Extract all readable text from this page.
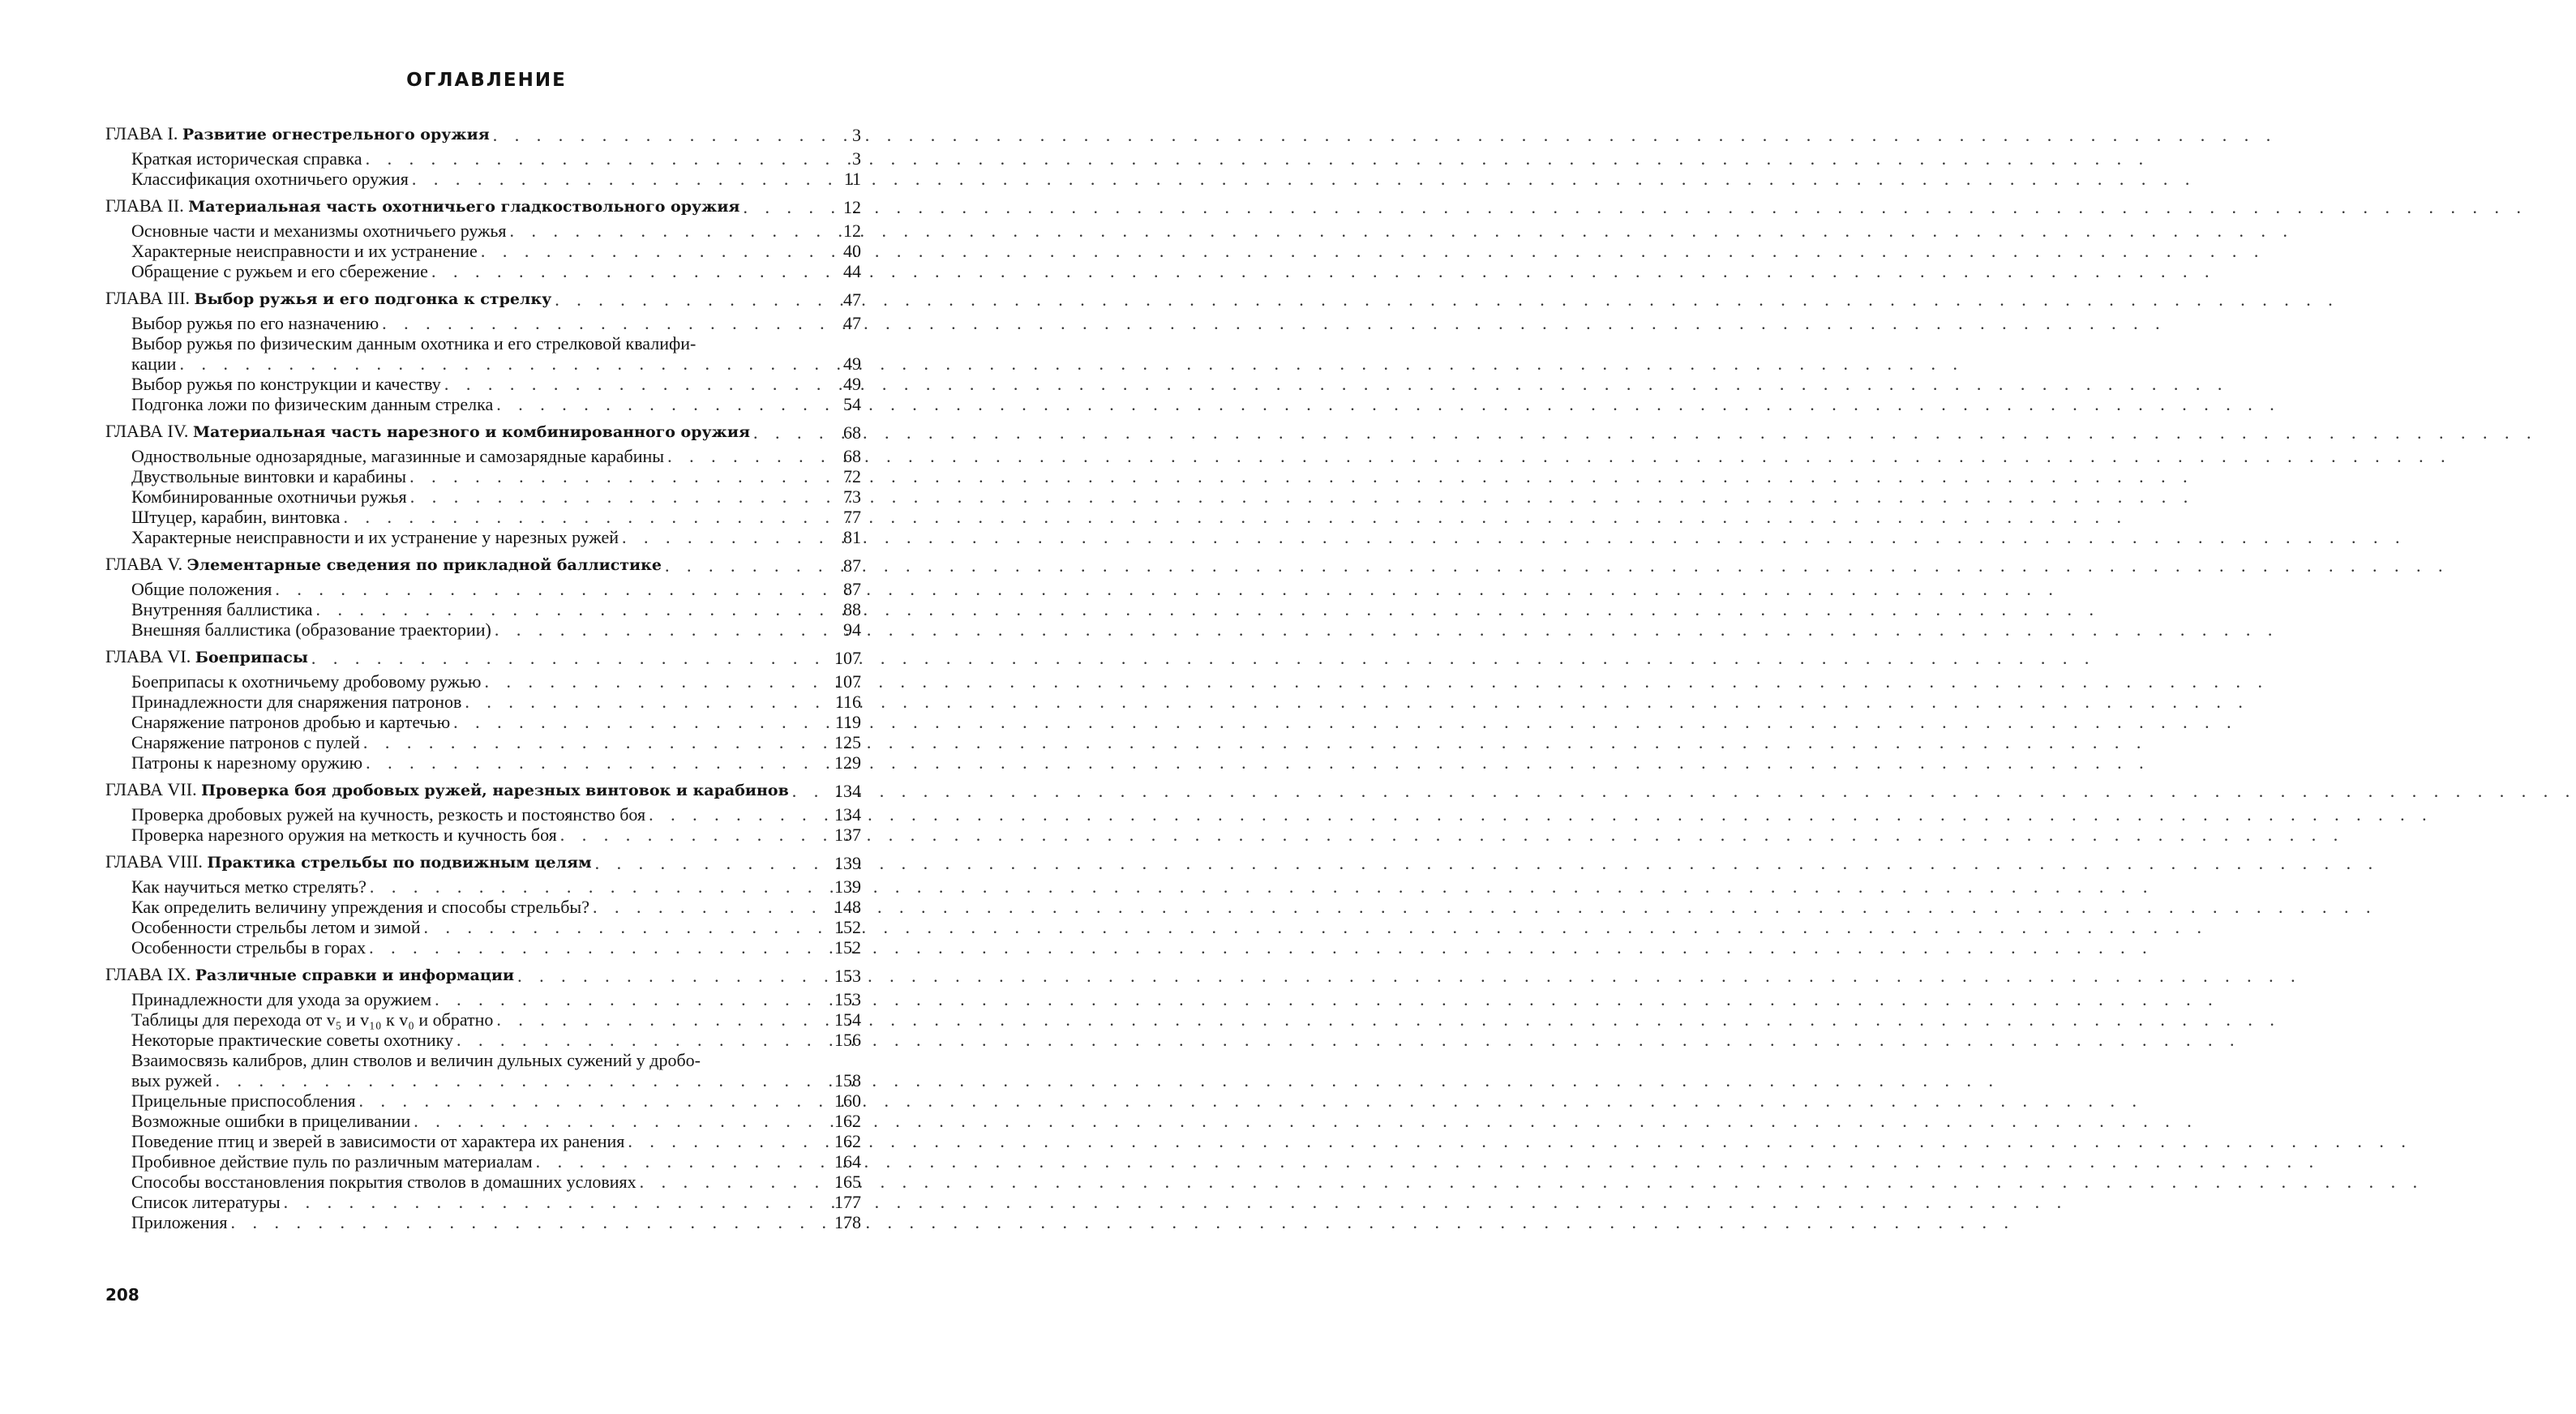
ОГЛАВЛЕНИЕ
ГЛАВА I. Развитие огнестрельного оружия . . .	3
Краткая историческая справка . . .	3
Классификация охотничьего оружия . . .	11
ГЛАВА II. Материальная часть охотничьего гладкоствольного оружия . . .	12
Основные части и механизмы охотничьего ружья . . .	12
Характерные неисправности и их устранение . . .	40
Обращение с ружьем и его сбережение . . .	44
ГЛАВА III. Выбор ружья и его подгонка к стрелку . . .	47
Выбор ружья по его назначению . . .	47
Выбор ружья по физическим данным охотника и его стрелковой квалифи-
кации . . .	49
Выбор ружья по конструкции и качеству . . .	49
Подгонка ложи по физическим данным стрелка . . .	54
ГЛАВА IV. Материальная часть нарезного и комбинированного оружия . . .	68
Одноствольные однозарядные, магазинные и самозарядные карабины . . .	68
Двуствольные винтовки и карабины . . .	72
Комбинированные охотничьи ружья . . .	73
Штуцер, карабин, винтовка . . .	77
Характерные неисправности и их устранение у нарезных ружей . . .	81
ГЛАВА V. Элементарные сведения по прикладной баллистике . . .	87
Общие положения . . .	87
Внутренняя баллистика . . .	88
Внешняя баллистика (образование траектории) . . .	94
ГЛАВА VI. Боеприпасы . . .	107
Боеприпасы к охотничьему дробовому ружью . . .	107
Принадлежности для снаряжения патронов . . .	116
Снаряжение патронов дробью и картечью . . .	119
Снаряжение патронов с пулей . . .	125
Патроны к нарезному оружию . . .	129
ГЛАВА VII. Проверка боя дробовых ружей, нарезных винтовок и карабинов . . .	134
Проверка дробовых ружей на кучность, резкость и постоянство боя . . .	134
Проверка нарезного оружия на меткость и кучность боя . . .	137
ГЛАВА VIII. Практика стрельбы по подвижным целям . . .	139
Как научиться метко стрелять? . . .	139
Как определить величину упреждения и способы стрельбы? . . .	148
Особенности стрельбы летом и зимой . . .	152
Особенности стрельбы в горах . . .	152
ГЛАВА IX. Различные справки и информации . . .	153
Принадлежности для ухода за оружием . . .	153
Таблицы для перехода от v₅ и v₁₀ к v₀ и обратно . . .	154
Некоторые практические советы охотнику . . .	156
Взаимосвязь калибров, длин стволов и величин дульных сужений у дробо-
вых ружей . . .	158
Прицельные приспособления . . .	160
Возможные ошибки в прицеливании . . .	162
Поведение птиц и зверей в зависимости от характера их ранения . . .	162
Пробивное действие пуль по различным материалам . . .	164
Способы восстановления покрытия стволов в домашних условиях . . .	165
Список литературы . . .	177
Приложения . . .	178
208
